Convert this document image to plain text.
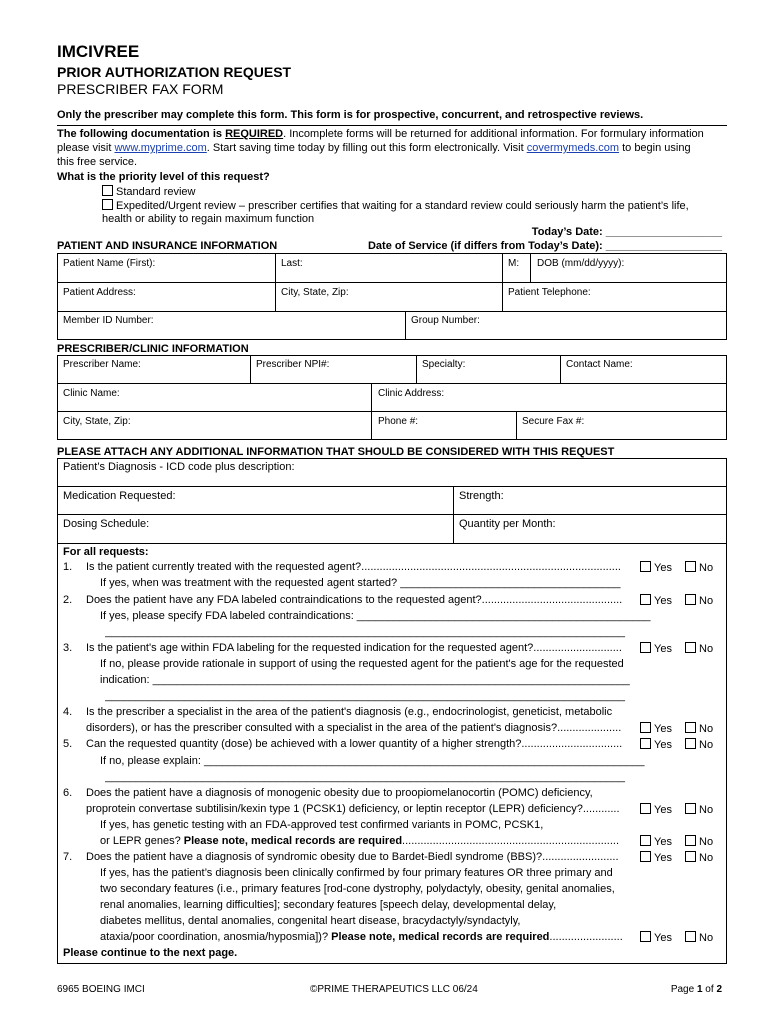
IMCIVREE
PRIOR AUTHORIZATION REQUEST
PRESCRIBER FAX FORM
Only the prescriber may complete this form. This form is for prospective, concurrent, and retrospective reviews.
The following documentation is REQUIRED. Incomplete forms will be returned for additional information. For formulary information
please visit www.myprime.com. Start saving time today by filling out this form electronically. Visit covermymeds.com to begin using
this free service.
What is the priority level of this request?
Standard review
Expedited/Urgent review – prescriber certifies that waiting for a standard review could seriously harm the patient’s life,
health or ability to regain maximum function
Today’s Date: ___________________
PATIENT AND INSURANCE INFORMATION	Date of Service (if differs from Today’s Date): ___________________
Patient Name (First):	Last:	M: DOB (mm/dd/yyyy):
Patient Address:	City, State, Zip:	Patient Telephone:
Member ID Number:	Group Number:
PRESCRIBER/CLINIC INFORMATION
Prescriber Name:	Prescriber NPI#:	Specialty:	Contact Name:
Clinic Name:	Clinic Address:
City, State, Zip:	Phone #:	Secure Fax #:
PLEASE ATTACH ANY ADDITIONAL INFORMATION THAT SHOULD BE CONSIDERED WITH THIS REQUEST
Patient’s Diagnosis - ICD code plus description:
Medication Requested:	Strength:
Dosing Schedule:	Quantity per Month:
For all requests:
1. Is the patient currently treated with the requested agent?.....................................................................................	Yes	No
If yes, when was treatment with the requested agent started? ____________________________________
2. Does the patient have any FDA labeled contraindications to the requested agent?..............................................	Yes	No
If yes, please specify FDA labeled contraindications: ________________________________________________
_____________________________________________________________________________________
3. Is the patient's age within FDA labeling for the requested indication for the requested agent?.............................	Yes	No
If no, please provide rationale in support of using the requested agent for the patient's age for the requested
indication: ______________________________________________________________________________
_____________________________________________________________________________________
4. Is the prescriber a specialist in the area of the patient's diagnosis (e.g., endocrinologist, geneticist, metabolic
disorders), or has the prescriber consulted with a specialist in the area of the patient's diagnosis?.....................	Yes	No
5. Can the requested quantity (dose) be achieved with a lower quantity of a higher strength?.................................	Yes	No
If no, please explain: ________________________________________________________________________
_____________________________________________________________________________________
6. Does the patient have a diagnosis of monogenic obesity due to proopiomelanocortin (POMC) deficiency,
proprotein convertase subtilisin/kexin type 1 (PCSK1) deficiency, or leptin receptor (LEPR) deficiency?............	Yes	No
If yes, has genetic testing with an FDA-approved test confirmed variants in POMC, PCSK1,
or LEPR genes? Please note, medical records are required.......................................................................	Yes	No
7. Does the patient have a diagnosis of syndromic obesity due to Bardet-Biedl syndrome (BBS)?.........................	Yes	No
If yes, has the patient’s diagnosis been clinically confirmed by four primary features OR three primary and
two secondary features (i.e., primary features [rod-cone dystrophy, polydactyly, obesity, genital anomalies,
renal anomalies, learning difficulties]; secondary features [speech delay, developmental delay,
diabetes mellitus, dental anomalies, congenital heart disease, bracydactyly/syndactyly,
ataxia/poor coordination, anosmia/hyposmia])? Please note, medical records are required........................	Yes	No
Please continue to the next page.
6965 BOEING IMCI	©PRIME THERAPEUTICS LLC 06/24	Page 1 of 2
